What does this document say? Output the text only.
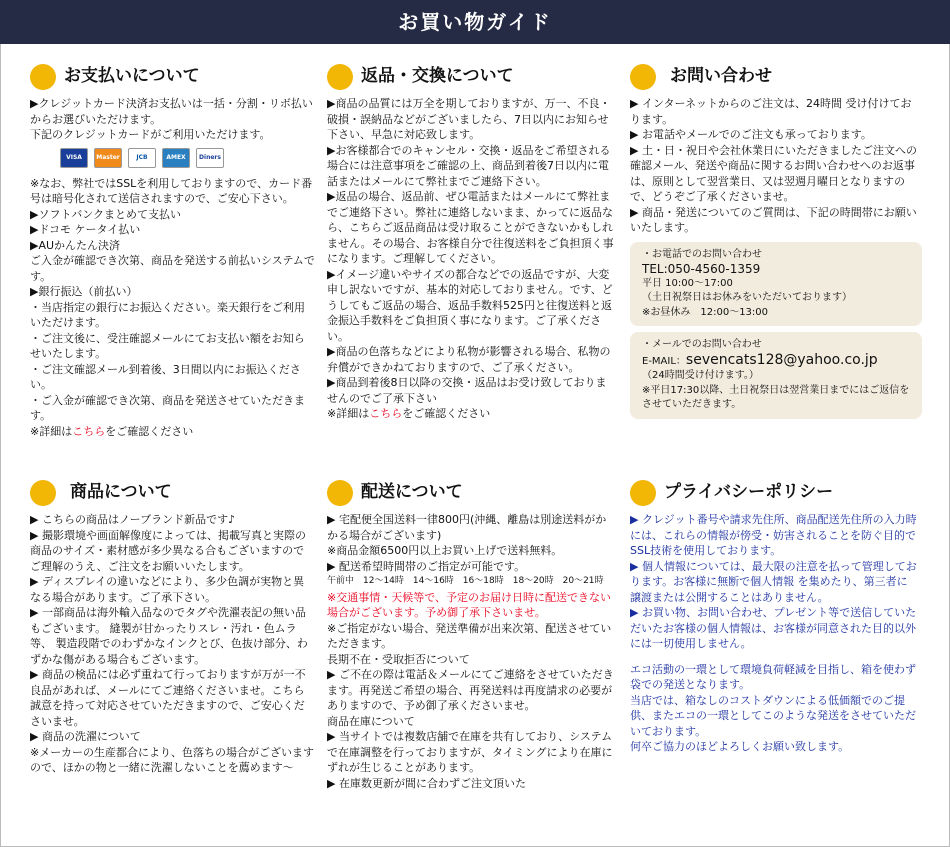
お買い物ガイド
お支払いについて

▶クレジットカード決済お支払いは一括・分割・リボ払いからお選びいただけます。
下記のクレジットカードがご利用いただけます。

VISA	Master	JCB	AMEX	Diners

※なお、弊社ではSSLを利用しておりますので、カード番号は暗号化されて送信されますので、ご安心下さい。
▶ソフトバンクまとめて支払い
▶ドコモ ケータイ払い
▶AUかんたん決済
ご入金が確認でき次第、商品を発送する前払いシステムです。
▶銀行振込（前払い）
・当店指定の銀行にお振込ください。楽天銀行をご利用いただけます。
・ご注文後に、受注確認メールにてお支払い額をお知らせいたします。
・ご注文確認メール到着後、3日間以内にお振込ください。
・ご入金が確認でき次第、商品を発送させていただきます。

※詳細はこちらをご確認ください

返品・交換について

▶商品の品質には万全を期しておりますが、万一、不良・破損・誤納品などがございましたら、7日以内にお知らせ下さい、早急に対応致します。
▶お客様都合でのキャンセル・交換・返品をご希望される場合には注意事項をご確認の上、商品到着後7日以内に電話またはメールにて弊社までご連絡下さい。
▶返品の場合、返品前、ぜひ電話またはメールにて弊社までご連絡下さい。弊社に連絡しないまま、かってに返品なら、こちらご返品商品は受け取ることができないかもしれません。その場合、お客様自分で往復送料をご負担頂く事になります。ご理解してください。
▶イメージ違いやサイズの都合などでの返品ですが、大変申し訳ないですが、基本的対応しておりません。です、どうしてもご返品の場合、返品手数料525円と往復送料と返金振込手数料をご負担頂く事になります。ご了承ください。
▶商品の色落ちなどにより私物が影響される場合、私物の弁償ができかねておりますので、ご了承ください。
▶商品到着後8日以降の交換・返品はお受け致しておりませんのでご了承下さい

※詳細はこちらをご確認ください

お問い合わせ

▶ インターネットからのご注文は、24時間 受け付けております。
▶ お電話やメールでのご注文も承っております。
▶ 土・日・祝日や会社休業日にいただきましたご注文への確認メール、発送や商品に関するお問い合わせへのお返事は、原則として翌営業日、又は翌週月曜日となりますので、どうぞご了承くださいませ。
▶ 商品・発送についてのご質問は、下記の時間帯にお願いいたします。

・お電話でのお問い合わせ

TEL:050-4560-1359

平日 10:00〜17:00

（土日祝祭日はお休みをいただいております）

※お昼休み　12:00〜13:00

・メールでのお問い合わせ

E-MAIL：sevencats128@yahoo.co.jp

（24時間受け付けます。）

※平日17:30以降、土日祝祭日は翌営業日までにはご返信をさせていただきます。

商品について

▶ こちらの商品はノーブランド新品です♪
▶ 撮影環境や画面解像度によっては、掲載写真と実際の商品のサイズ・素材感が多少異なる合もございますのでご理解のうえ、ご注文をお願いいたします。
▶ ディスプレイの違いなどにより、多少色調が実物と異なる場合があります。ご了承下さい。
▶ 一部商品は海外輸入品なのでタグや洗濯表記の無い品もございます。 縫製が甘かったりスレ・汚れ・色ムラ等、 製造段階でのわずかなインクとび、色抜け部分、わずかな傷がある場合もございます。
▶ 商品の検品には必ず重ねて行っておりますが万が一不良品があれば、メールにてご連絡くださいませ。こちら誠意を持って対応させていただきますので、ご安心くださいませ。
▶ 商品の洗濯について
※メーカーの生産都合により、色落ちの場合がございますので、ほかの物と一緒に洗濯しないことを薦めます〜

配送について

▶ 宅配便全国送料一律800円(沖縄、離島は別途送料がかかる場合がございます)
※商品金額6500円以上お買い上げで送料無料。
▶ 配送希望時間帯のご指定が可能です。

午前中　12〜14時　14〜16時　16〜18時　18〜20時　20〜21時

※交通事情・天候等で、予定のお届け日時に配送できない場合がございます。予め御了承下さいませ。

※ご指定がない場合、発送準備が出来次第、配送させていただきます。
長期不在・受取拒否について
▶ ご不在の際は電話＆メールにてご連絡をさせていただきます。再発送ご希望の場合、再発送料は再度請求の必要がありますので、予め御了承くださいませ。
商品在庫について
▶ 当サイトでは複数店舗で在庫を共有しており、システムで在庫調整を行っておりますが、タイミングにより在庫にずれが生じることがあります。
▶ 在庫数更新が間に合わずご注文頂いた

プライバシーポリシー

▶ クレジット番号や請求先住所、商品配送先住所の入力時には、これらの情報が傍受・妨害されることを防ぐ目的でSSL技術を使用しております。
▶ 個人情報については、最大限の注意を払って管理しております。お客様に無断で個人情報 を集めたり、第三者に譲渡または公開することはありません。
▶ お買い物、お問い合わせ、プレゼント等で送信していただいたお客様の個人情報は、お客様が同意された目的以外には一切使用しません。

エコ活動の一環として環境負荷軽減を目指し、箱を使わず袋での発送となります。
当店では、箱なしのコストダウンによる低価額でのご提供、またエコの一環としてこのような発送をさせていただいております。
何卒ご協力のほどよろしくお願い致します。
